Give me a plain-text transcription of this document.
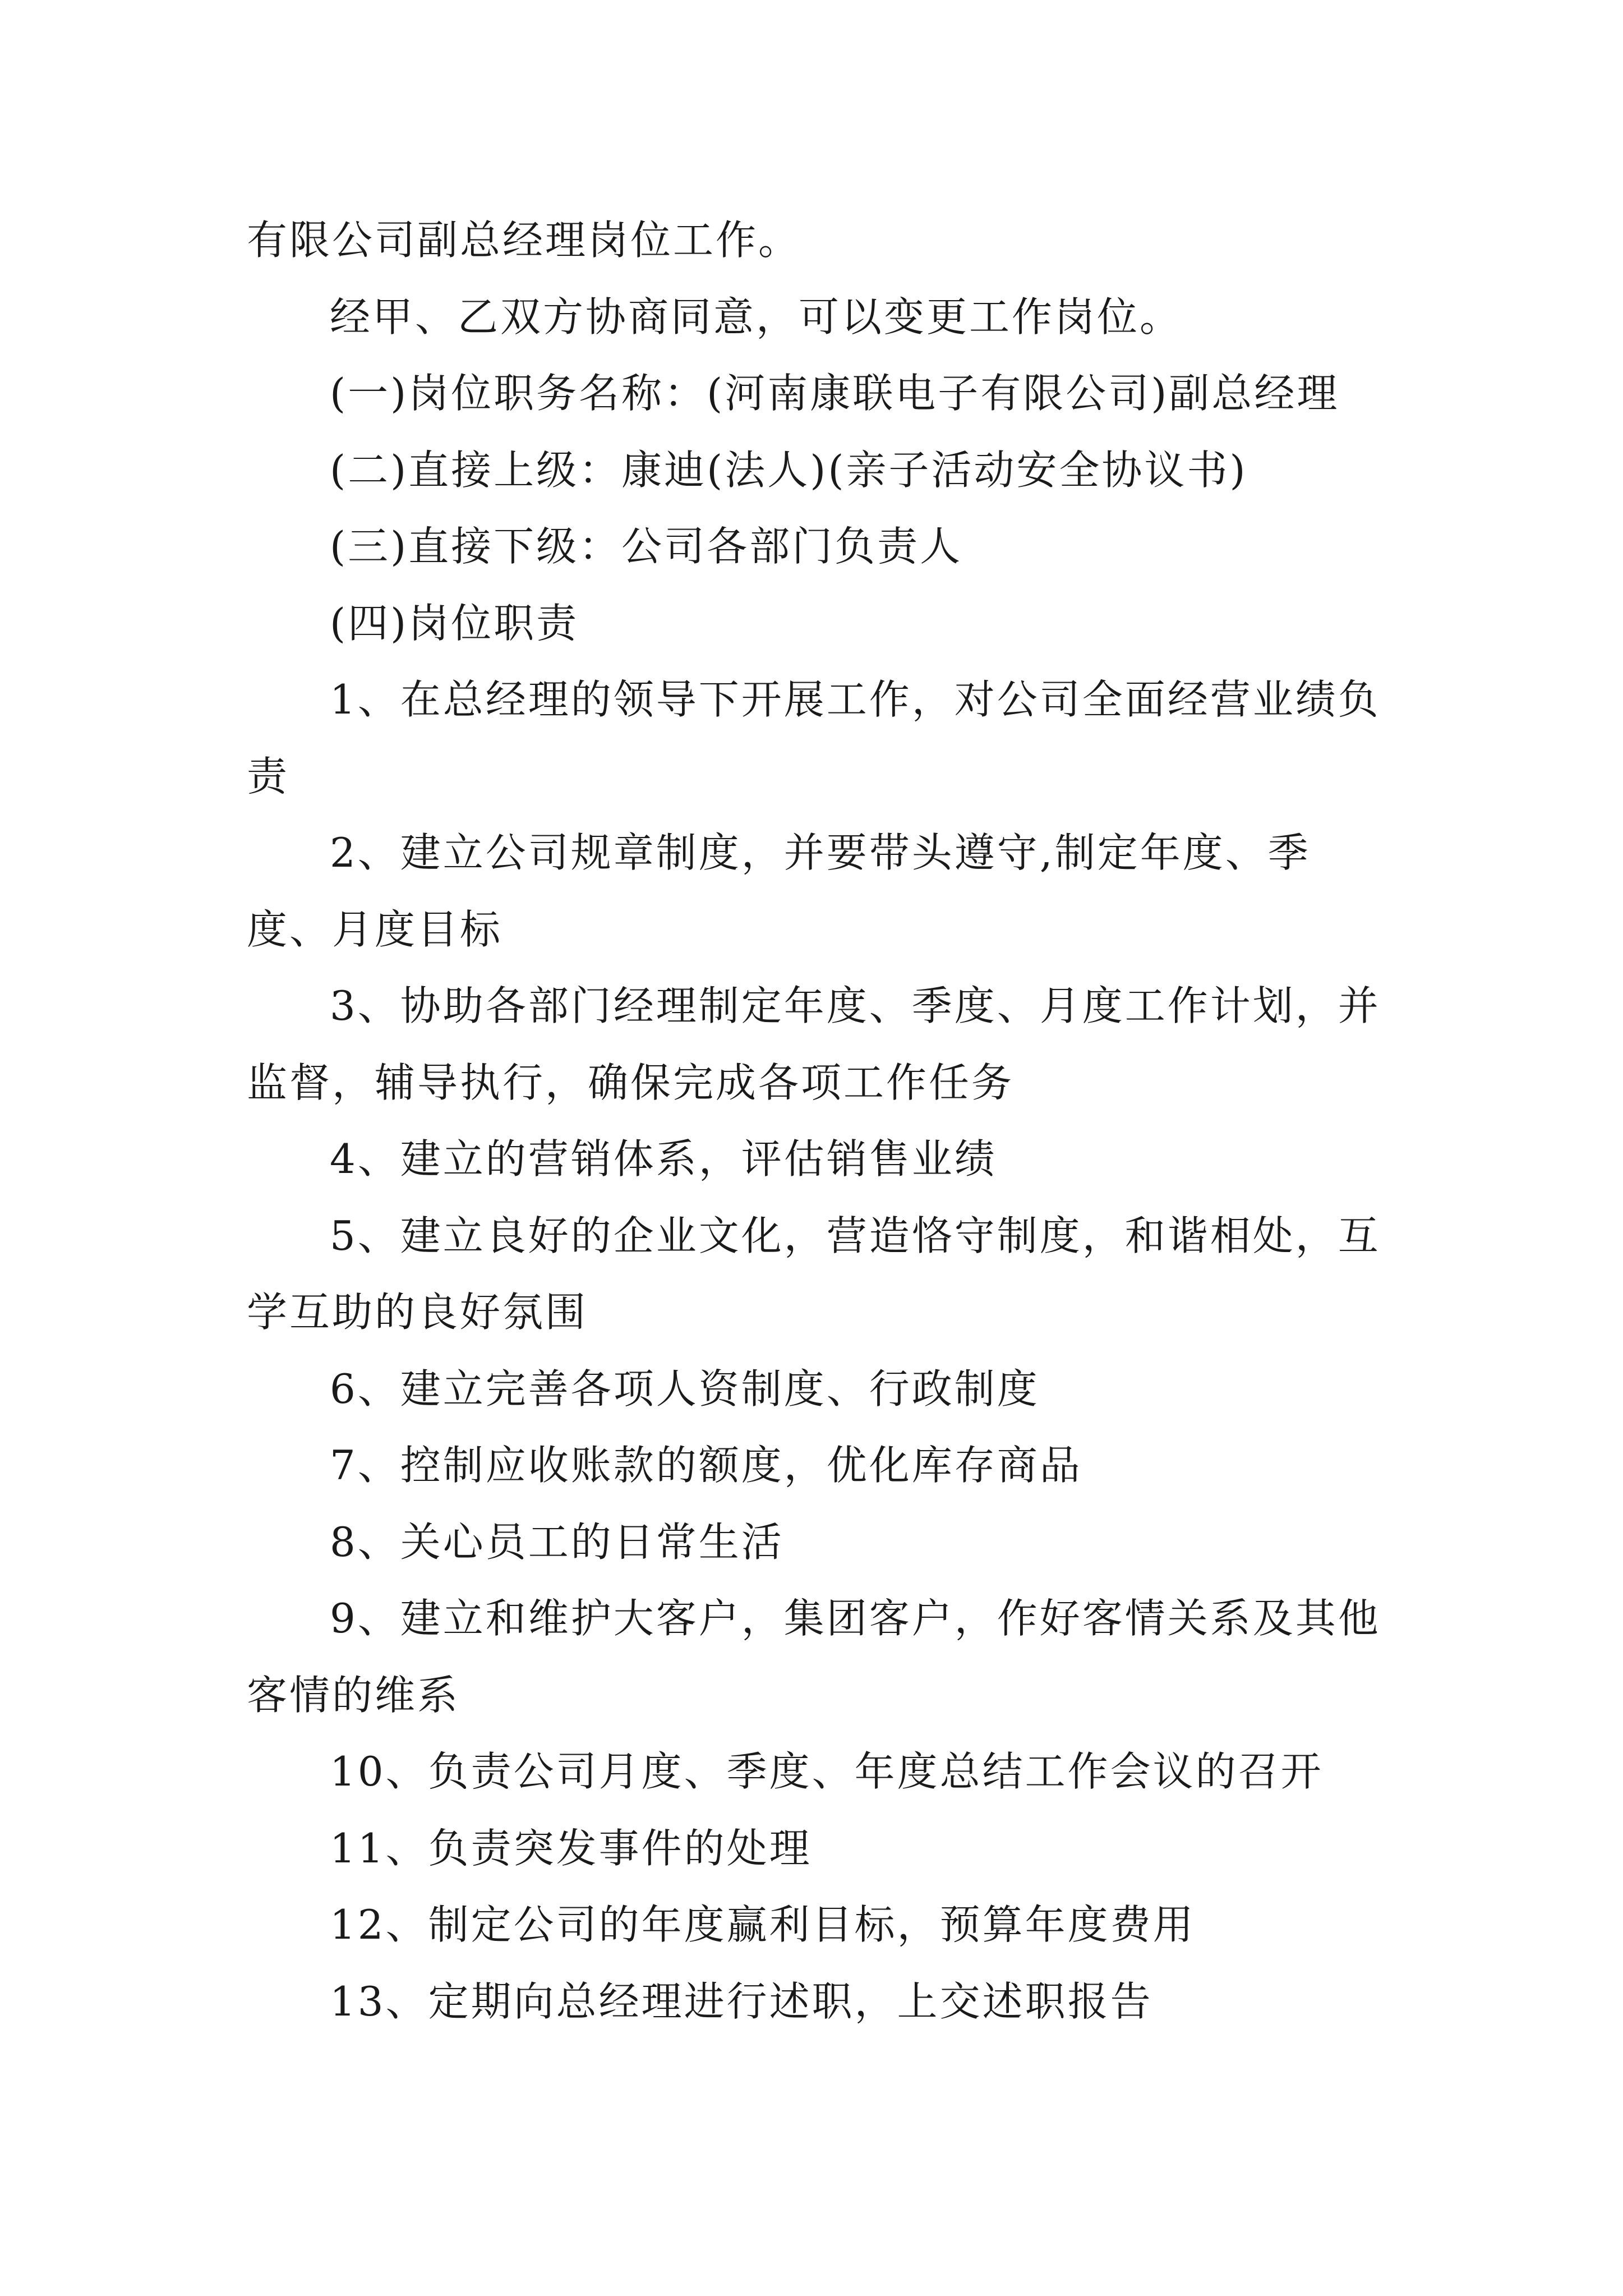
有限公司副总经理岗位工作。

经甲、乙双方协商同意，可以变更工作岗位。

(一)岗位职务名称：(河南康联电子有限公司)副总经理

(二)直接上级：康迪(法人)(亲子活动安全协议书)

(三)直接下级：公司各部门负责人

(四)岗位职责

1、在总经理的领导下开展工作，对公司全面经营业绩负责

2、建立公司规章制度，并要带头遵守,制定年度、季度、月度目标

3、协助各部门经理制定年度、季度、月度工作计划，并监督，辅导执行，确保完成各项工作任务

4、建立的营销体系，评估销售业绩

5、建立良好的企业文化，营造恪守制度，和谐相处，互学互助的良好氛围

6、建立完善各项人资制度、行政制度

7、控制应收账款的额度，优化库存商品

8、关心员工的日常生活

9、建立和维护大客户，集团客户，作好客情关系及其他客情的维系

10、负责公司月度、季度、年度总结工作会议的召开

11、负责突发事件的处理

12、制定公司的年度赢利目标，预算年度费用

13、定期向总经理进行述职，上交述职报告
